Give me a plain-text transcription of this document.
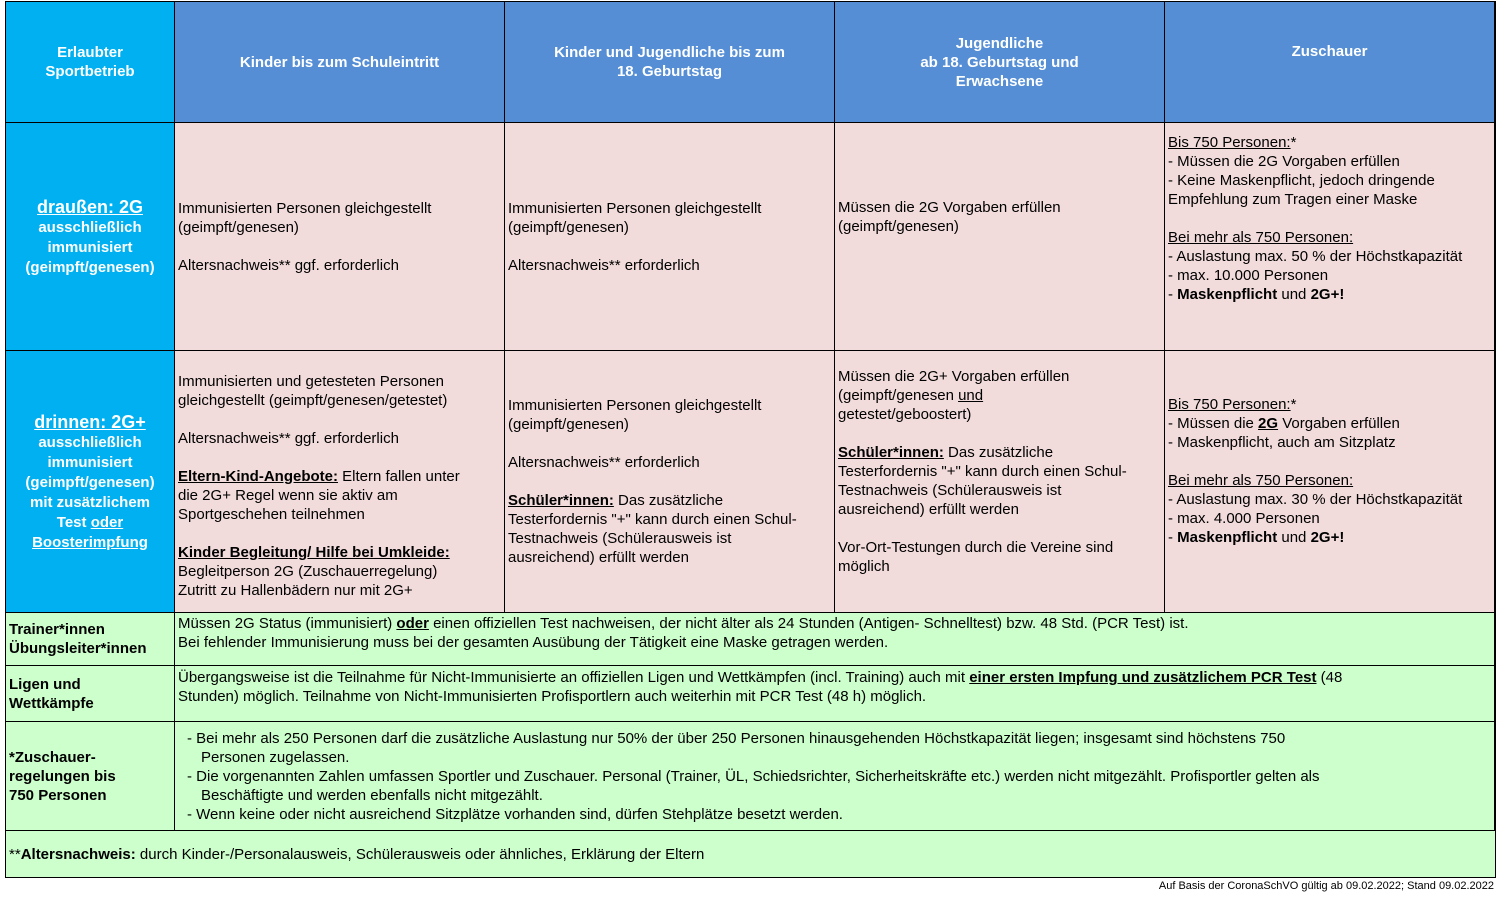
Erlaubter
Sportbetrieb
Kinder bis zum Schuleintritt
Kinder und Jugendliche bis zum
18. Geburtstag
Jugendliche
ab 18. Geburtstag und
Erwachsene
Zuschauer
draußen: 2G
ausschließlich
immunisiert
(geimpft/genesen)
Immunisierten Personen gleichgestellt
(geimpft/genesen)
Altersnachweis** ggf. erforderlich
Immunisierten Personen gleichgestellt
(geimpft/genesen)
Altersnachweis** erforderlich
Müssen die 2G Vorgaben erfüllen
(geimpft/genesen)
Bis 750 Personen:*
- Müssen die 2G Vorgaben erfüllen
- Keine Maskenpflicht, jedoch dringende
Empfehlung zum Tragen einer Maske
Bei mehr als 750 Personen:
- Auslastung max. 50 % der Höchstkapazität
- max. 10.000 Personen
- Maskenpflicht und 2G+!
drinnen: 2G+
ausschließlich
immunisiert
(geimpft/genesen)
mit zusätzlichem
Test oder
Boosterimpfung
Immunisierten und getesteten Personen
gleichgestellt (geimpft/genesen/getestet)
Altersnachweis** ggf. erforderlich
Eltern-Kind-Angebote: Eltern fallen unter
die 2G+ Regel wenn sie aktiv am
Sportgeschehen teilnehmen
Kinder Begleitung/ Hilfe bei Umkleide:
Begleitperson 2G (Zuschauerregelung)
Zutritt zu Hallenbädern nur mit 2G+
Immunisierten Personen gleichgestellt
(geimpft/genesen)
Altersnachweis** erforderlich
Schüler*innen: Das zusätzliche
Testerfordernis "+" kann durch einen Schul-
Testnachweis (Schülerausweis ist
ausreichend) erfüllt werden
Müssen die 2G+ Vorgaben erfüllen
(geimpft/genesen und
getestet/geboostert)
Schüler*innen: Das zusätzliche
Testerfordernis "+" kann durch einen Schul-
Testnachweis (Schülerausweis ist
ausreichend) erfüllt werden
Vor-Ort-Testungen durch die Vereine sind
möglich
Bis 750 Personen:*
- Müssen die 2G Vorgaben erfüllen
- Maskenpflicht, auch am Sitzplatz
Bei mehr als 750 Personen:
- Auslastung max. 30 % der Höchstkapazität
- max. 4.000 Personen
- Maskenpflicht und 2G+!
Trainer*innen
Übungsleiter*innen
Müssen 2G Status (immunisiert) oder einen offiziellen Test nachweisen, der nicht älter als 24 Stunden (Antigen- Schnelltest) bzw. 48 Std. (PCR Test) ist.
Bei fehlender Immunisierung muss bei der gesamten Ausübung der Tätigkeit eine Maske getragen werden.
Ligen und
Wettkämpfe
Übergangsweise ist die Teilnahme für Nicht-Immunisierte an offiziellen Ligen und Wettkämpfen (incl. Training) auch mit einer ersten Impfung und zusätzlichem PCR Test (48
Stunden) möglich. Teilnahme von Nicht-Immunisierten Profisportlern auch weiterhin mit PCR Test (48 h) möglich.
*Zuschauer-
regelungen bis
750 Personen
- Bei mehr als 250 Personen darf die zusätzliche Auslastung nur 50% der über 250 Personen hinausgehenden Höchstkapazität liegen; insgesamt sind höchstens 750
Personen zugelassen.
- Die vorgenannten Zahlen umfassen Sportler und Zuschauer. Personal (Trainer, ÜL, Schiedsrichter, Sicherheitskräfte etc.) werden nicht mitgezählt. Profisportler gelten als
Beschäftigte und werden ebenfalls nicht mitgezählt.
- Wenn keine oder nicht ausreichend Sitzplätze vorhanden sind, dürfen Stehplätze besetzt werden.
**Altersnachweis: durch Kinder-/Personalausweis, Schülerausweis oder ähnliches, Erklärung der Eltern
Auf Basis der CoronaSchVO gültig ab 09.02.2022; Stand 09.02.2022
